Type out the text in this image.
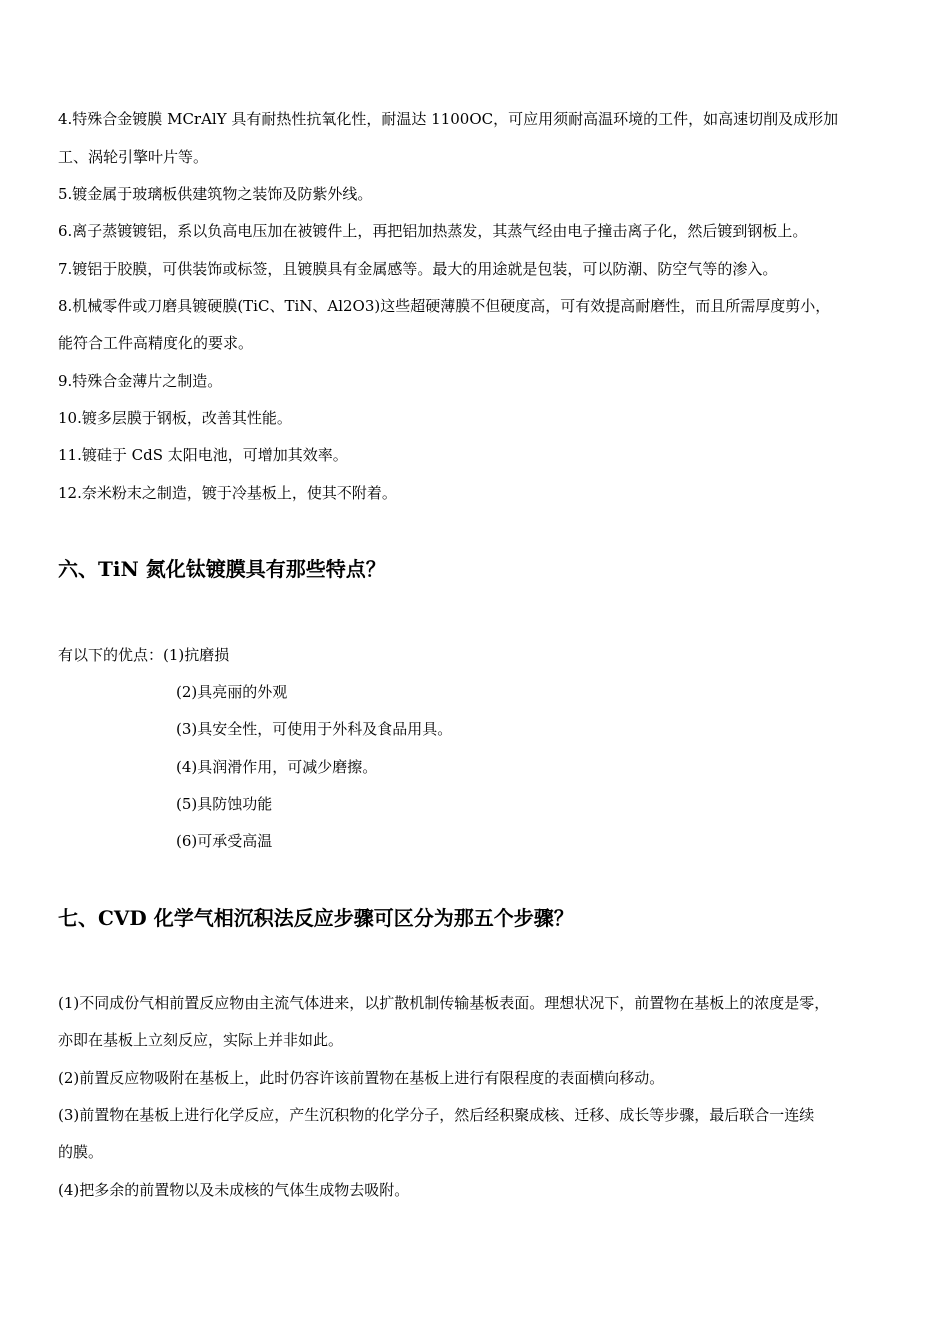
4.特殊合金镀膜 MCrAlY 具有耐热性抗氧化性，耐温达 1100OC，可应用须耐高温环境的工件，如高速切削及成形加
工、涡轮引擎叶片等。
5.镀金属于玻璃板供建筑物之装饰及防紫外线。
6.离子蒸镀镀铝，系以负高电压加在被镀件上，再把铝加热蒸发，其蒸气经由电子撞击离子化，然后镀到钢板上。
7.镀铝于胶膜，可供装饰或标签，且镀膜具有金属感等。最大的用途就是包装，可以防潮、防空气等的渗入。
8.机械零件或刀磨具镀硬膜(TiC、TiN、Al2O3)这些超硬薄膜不但硬度高，可有效提高耐磨性，而且所需厚度剪小，
能符合工件高精度化的要求。
9.特殊合金薄片之制造。
10.镀多层膜于钢板，改善其性能。
11.镀硅于 CdS 太阳电池，可增加其效率。
12.奈米粉末之制造，镀于冷基板上，使其不附着。
六、TiN 氮化钛镀膜具有那些特点？
有以下的优点：(1)抗磨损
(2)具亮丽的外观
(3)具安全性，可使用于外科及食品用具。
(4)具润滑作用，可减少磨擦。
(5)具防蚀功能
(6)可承受高温
七、CVD 化学气相沉积法反应步骤可区分为那五个步骤？
(1)不同成份气相前置反应物由主流气体进来，以扩散机制传输基板表面。理想状况下，前置物在基板上的浓度是零，
亦即在基板上立刻反应，实际上并非如此。
(2)前置反应物吸附在基板上，此时仍容许该前置物在基板上进行有限程度的表面横向移动。
(3)前置物在基板上进行化学反应，产生沉积物的化学分子，然后经积聚成核、迁移、成长等步骤，最后联合一连续
的膜。
(4)把多余的前置物以及未成核的气体生成物去吸附。
